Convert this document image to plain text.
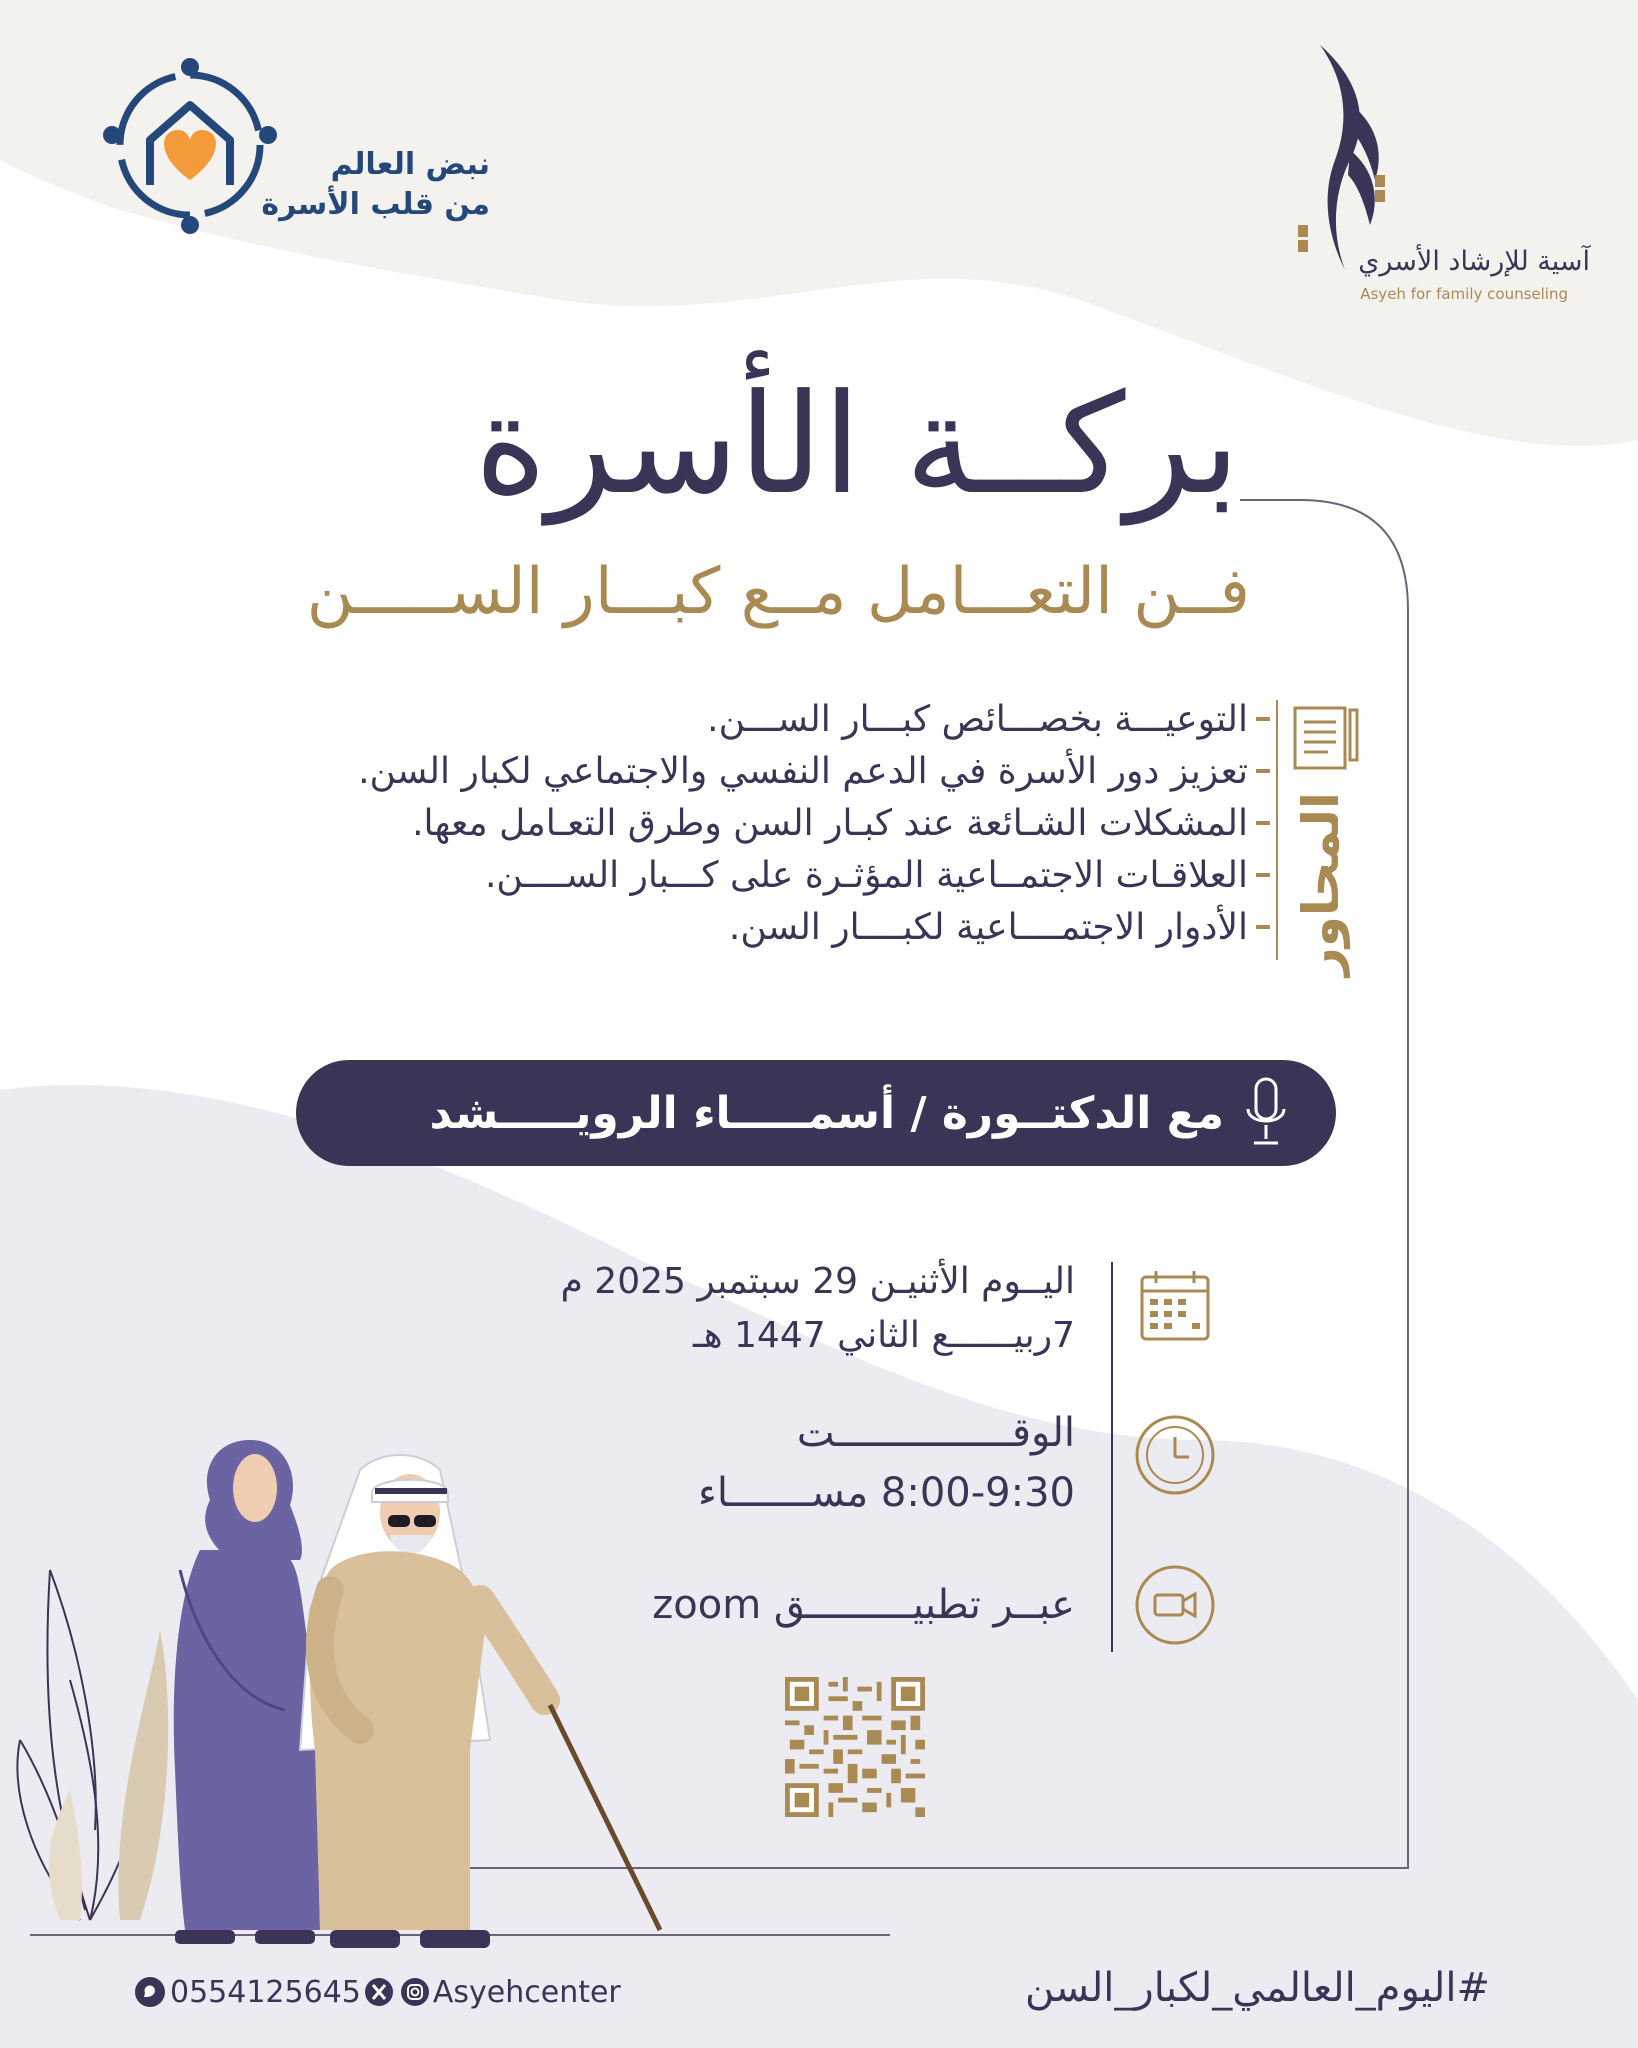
نبض العالم
من قلب الأسرة
آسية للإرشاد الأسري
Asyeh for family counseling
بركــة الأسرة
فــن التعـــامل مــع كبـــار الســـــن
المحاور
التوعيـــة بخصـــائص كبـــار الســـن.
تعزيز دور الأسرة في الدعم النفسي والاجتماعي لكبار السن.
المشكلات الشـائعة عند كبـار السن وطرق التعـامل معها.
العلاقـات الاجتمــاعية المؤثـرة على كـــبار الســــن.
الأدوار الاجتمــــاعية لكبــــار السن.
مع الدكتــورة / أسمـــــاء الرويـــــشد
اليــوم الأثنيـن 29 سبتمبر 2025 م
7ربيــــــع الثاني 1447 هـ
الوقـــــــــــــــت
8:00-9:30 مســـــــاء
عبــر تطبيـــــــــق zoom
0554125645 Asyehcenter	#اليوم_العالمي_لكبار_السن
